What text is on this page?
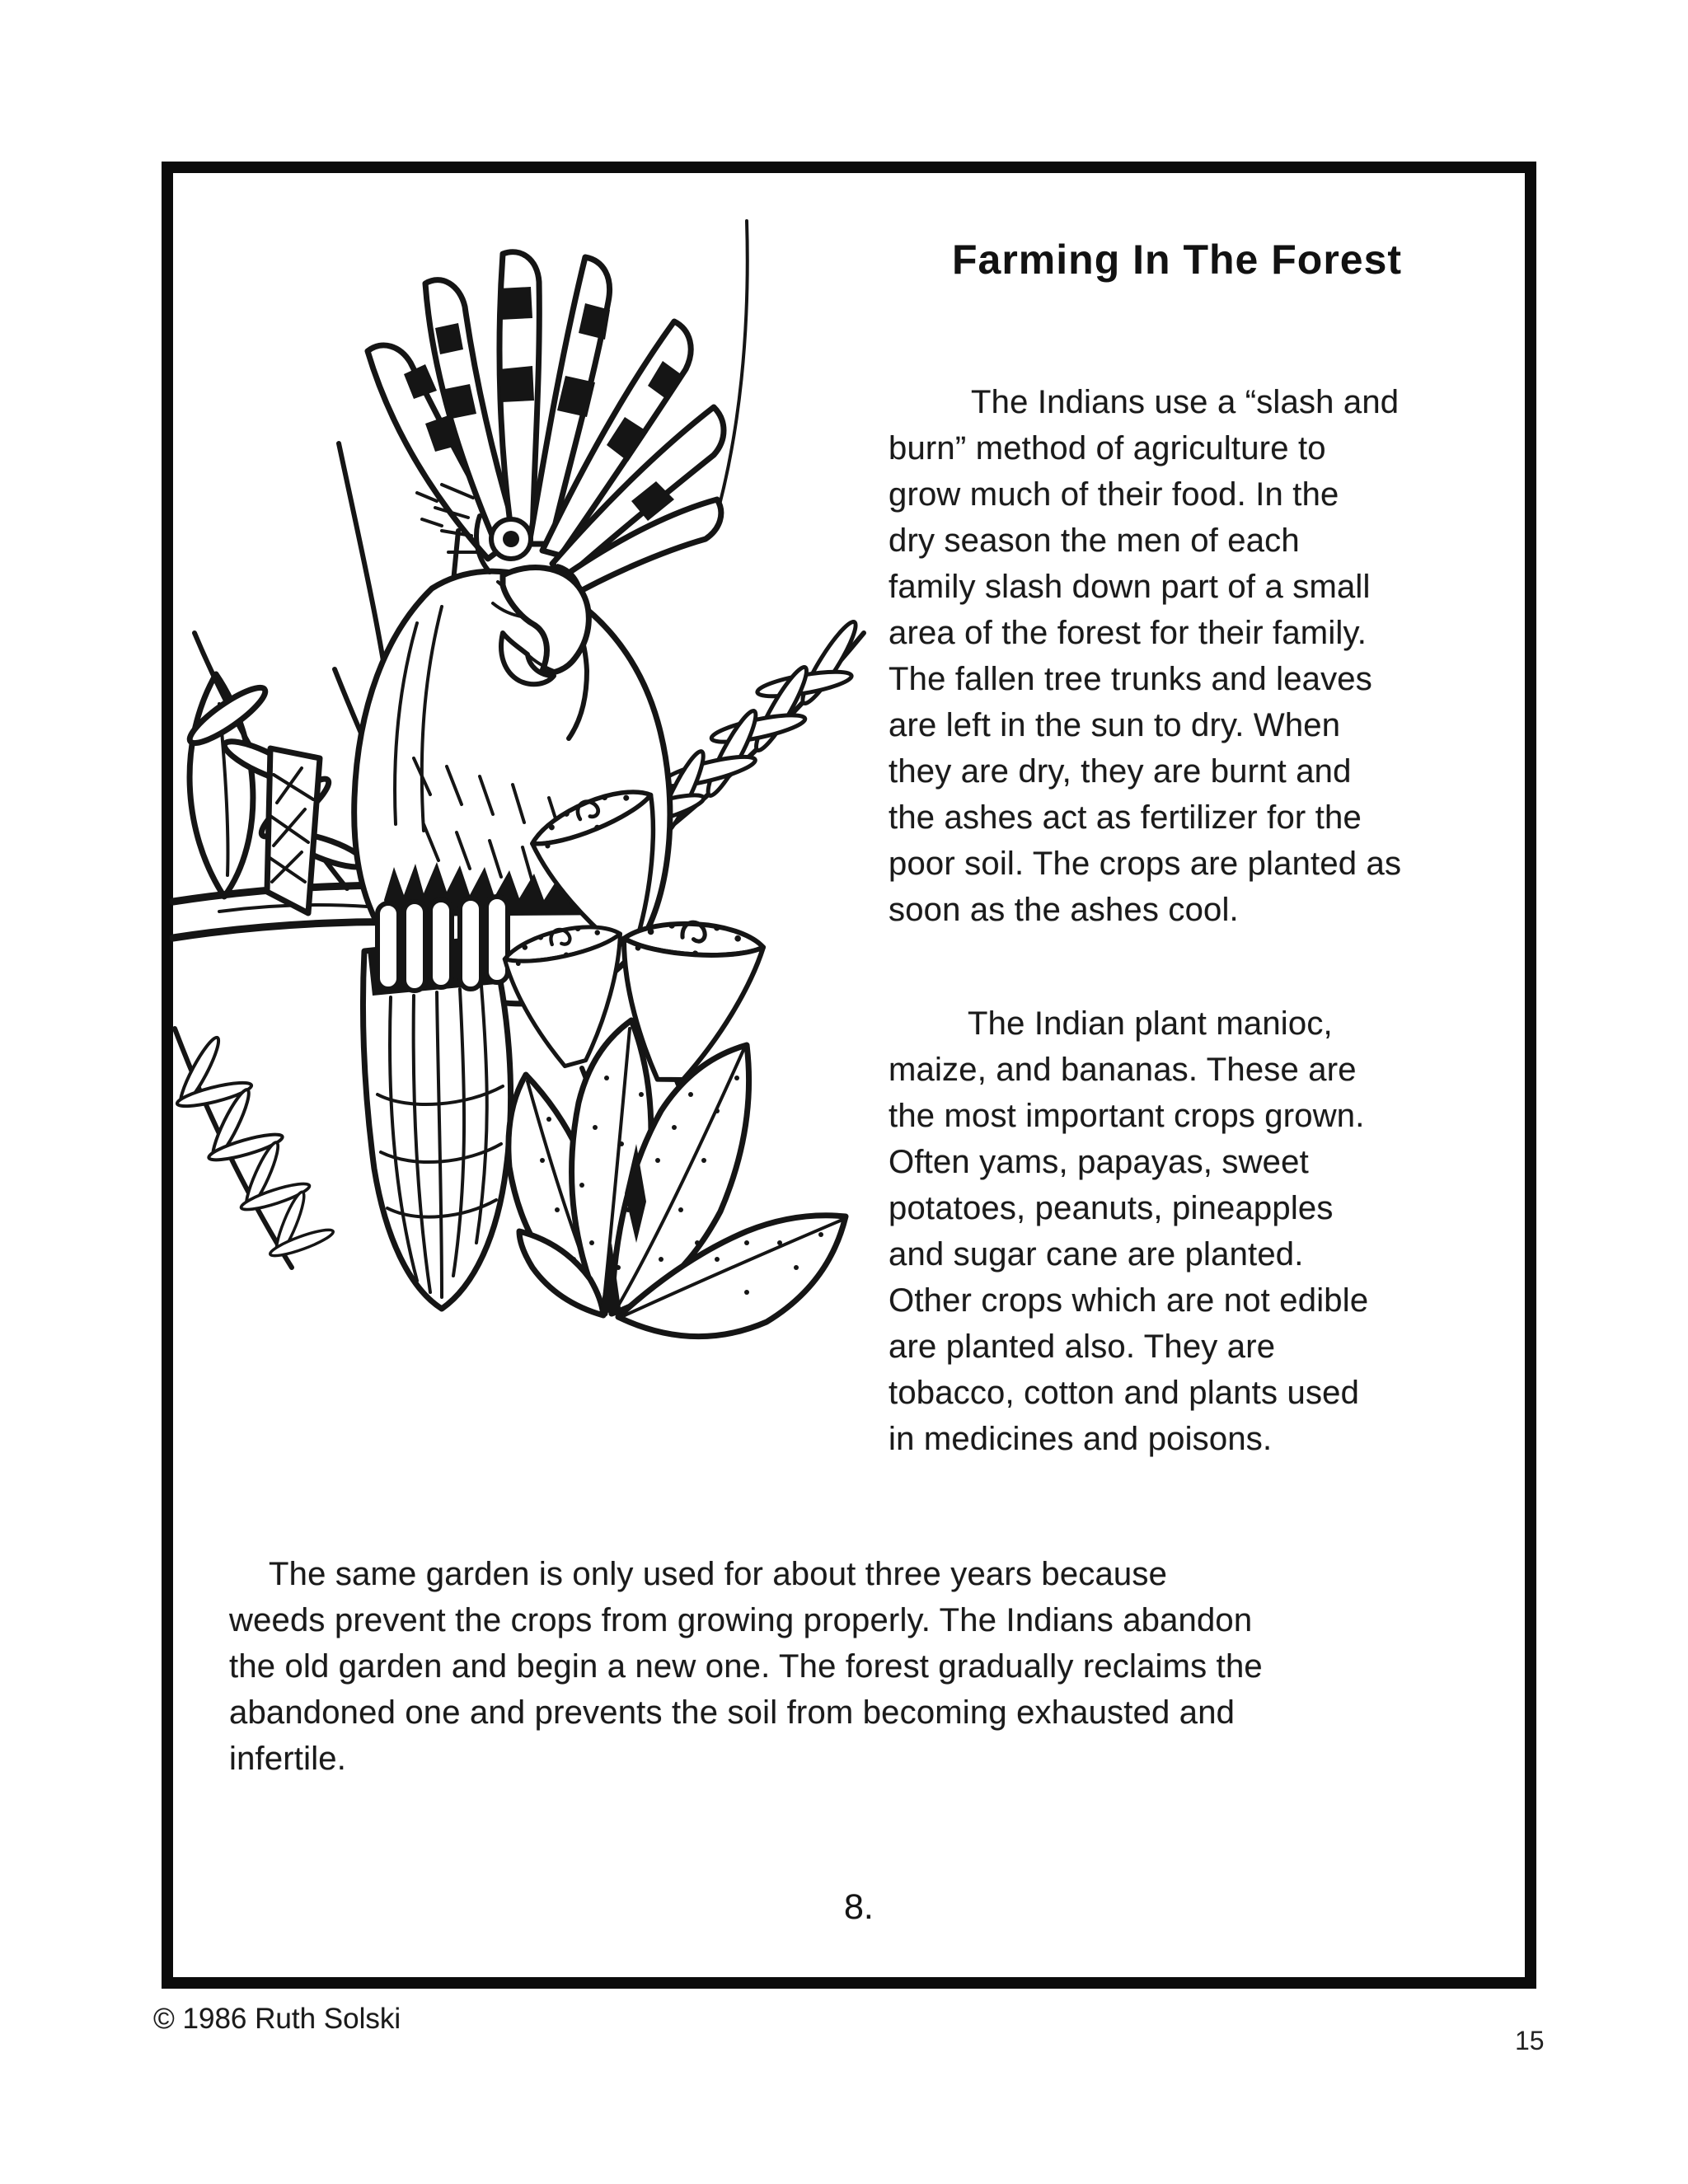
Farming In The Forest
The Indians use a “slash and
burn” method of agriculture to
grow much of their food. In the
dry season the men of each
family slash down part of a small
area of the forest for their family.
The fallen tree trunks and leaves
are left in the sun to dry. When
they are dry, they are burnt and
the ashes act as fertilizer for the
poor soil. The crops are planted as
soon as the ashes cool.
The Indian plant manioc,
maize, and bananas. These are
the most important crops grown.
Often yams, papayas, sweet
potatoes, peanuts, pineapples
and sugar cane are planted.
Other crops which are not edible
are planted also. They are
tobacco, cotton and plants used
in medicines and poisons.
The same garden is only used for about three years because
weeds prevent the crops from growing properly. The Indians abandon
the old garden and begin a new one. The forest gradually reclaims the
abandoned one and prevents the soil from becoming exhausted and
infertile.
8.
© 1986 Ruth Solski
15
